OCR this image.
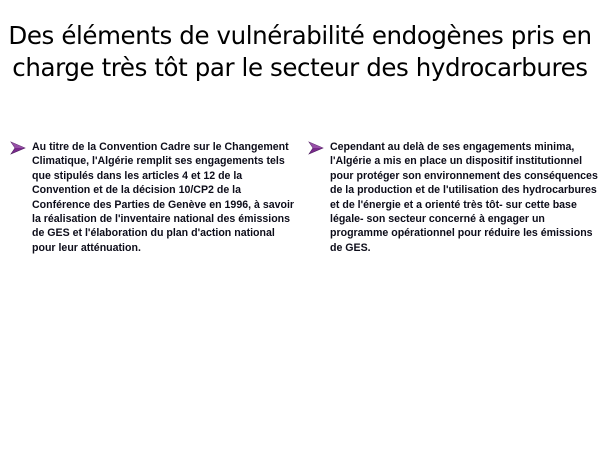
Des éléments de vulnérabilité endogènes pris en
charge très tôt par le secteur des hydrocarbures

Au titre de la Convention Cadre sur le Changement Climatique, l'Algérie remplit ses engagements tels que stipulés dans les articles 4 et 12 de la Convention et de la décision 10/CP2 de la Conférence des Parties de Genève en 1996, à savoir la réalisation de l'inventaire national des émissions de GES et l'élaboration du plan d'action national pour leur atténuation.

Cependant au delà de ses engagements minima, l'Algérie a mis en place un dispositif institutionnel pour protéger son environnement des conséquences de la production et de l'utilisation des hydrocarbures et de l'énergie et a orienté très tôt- sur cette base légale- son secteur concerné à engager un programme opérationnel pour réduire les émissions de GES.
